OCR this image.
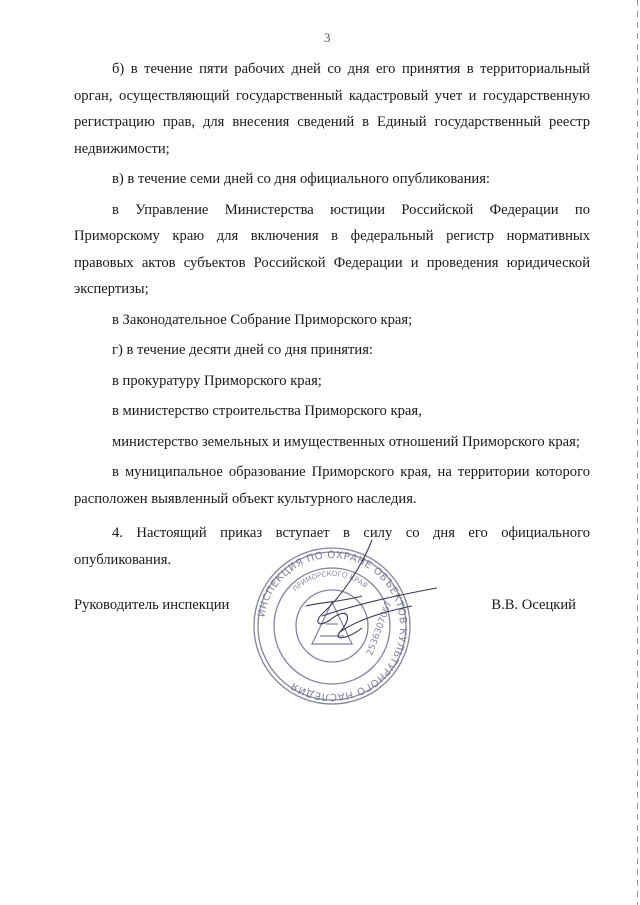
3

б) в течение пяти рабочих дней со дня его принятия в территориальный орган, осуществляющий государственный кадастровый учет и государственную регистрацию прав, для внесения сведений в Единый государственный реестр недвижимости;

в) в течение семи дней со дня официального опубликования:

в Управление Министерства юстиции Российской Федерации по Приморскому краю для включения в федеральный регистр нормативных правовых актов субъектов Российской Федерации и проведения юридической экспертизы;

в Законодательное Собрание Приморского края;

г) в течение десяти дней со дня принятия:

в прокуратуру Приморского края;

в министерство строительства Приморского края,

министерство земельных и имущественных отношений Приморского края;

в муниципальное образование Приморского края, на территории которого расположен выявленный объект культурного наследия.

4. Настоящий приказ вступает в силу со дня его официального опубликования.

ИНСПЕКЦИЯ ПО ОХРАНЕ ОБЪЕКТОВ КУЛЬТУРНОГО НАСЛЕДИЯ
ПРИМОРСКОГО КРАЯ
2536307067
Руководитель инспекции	В.В. Осецкий
